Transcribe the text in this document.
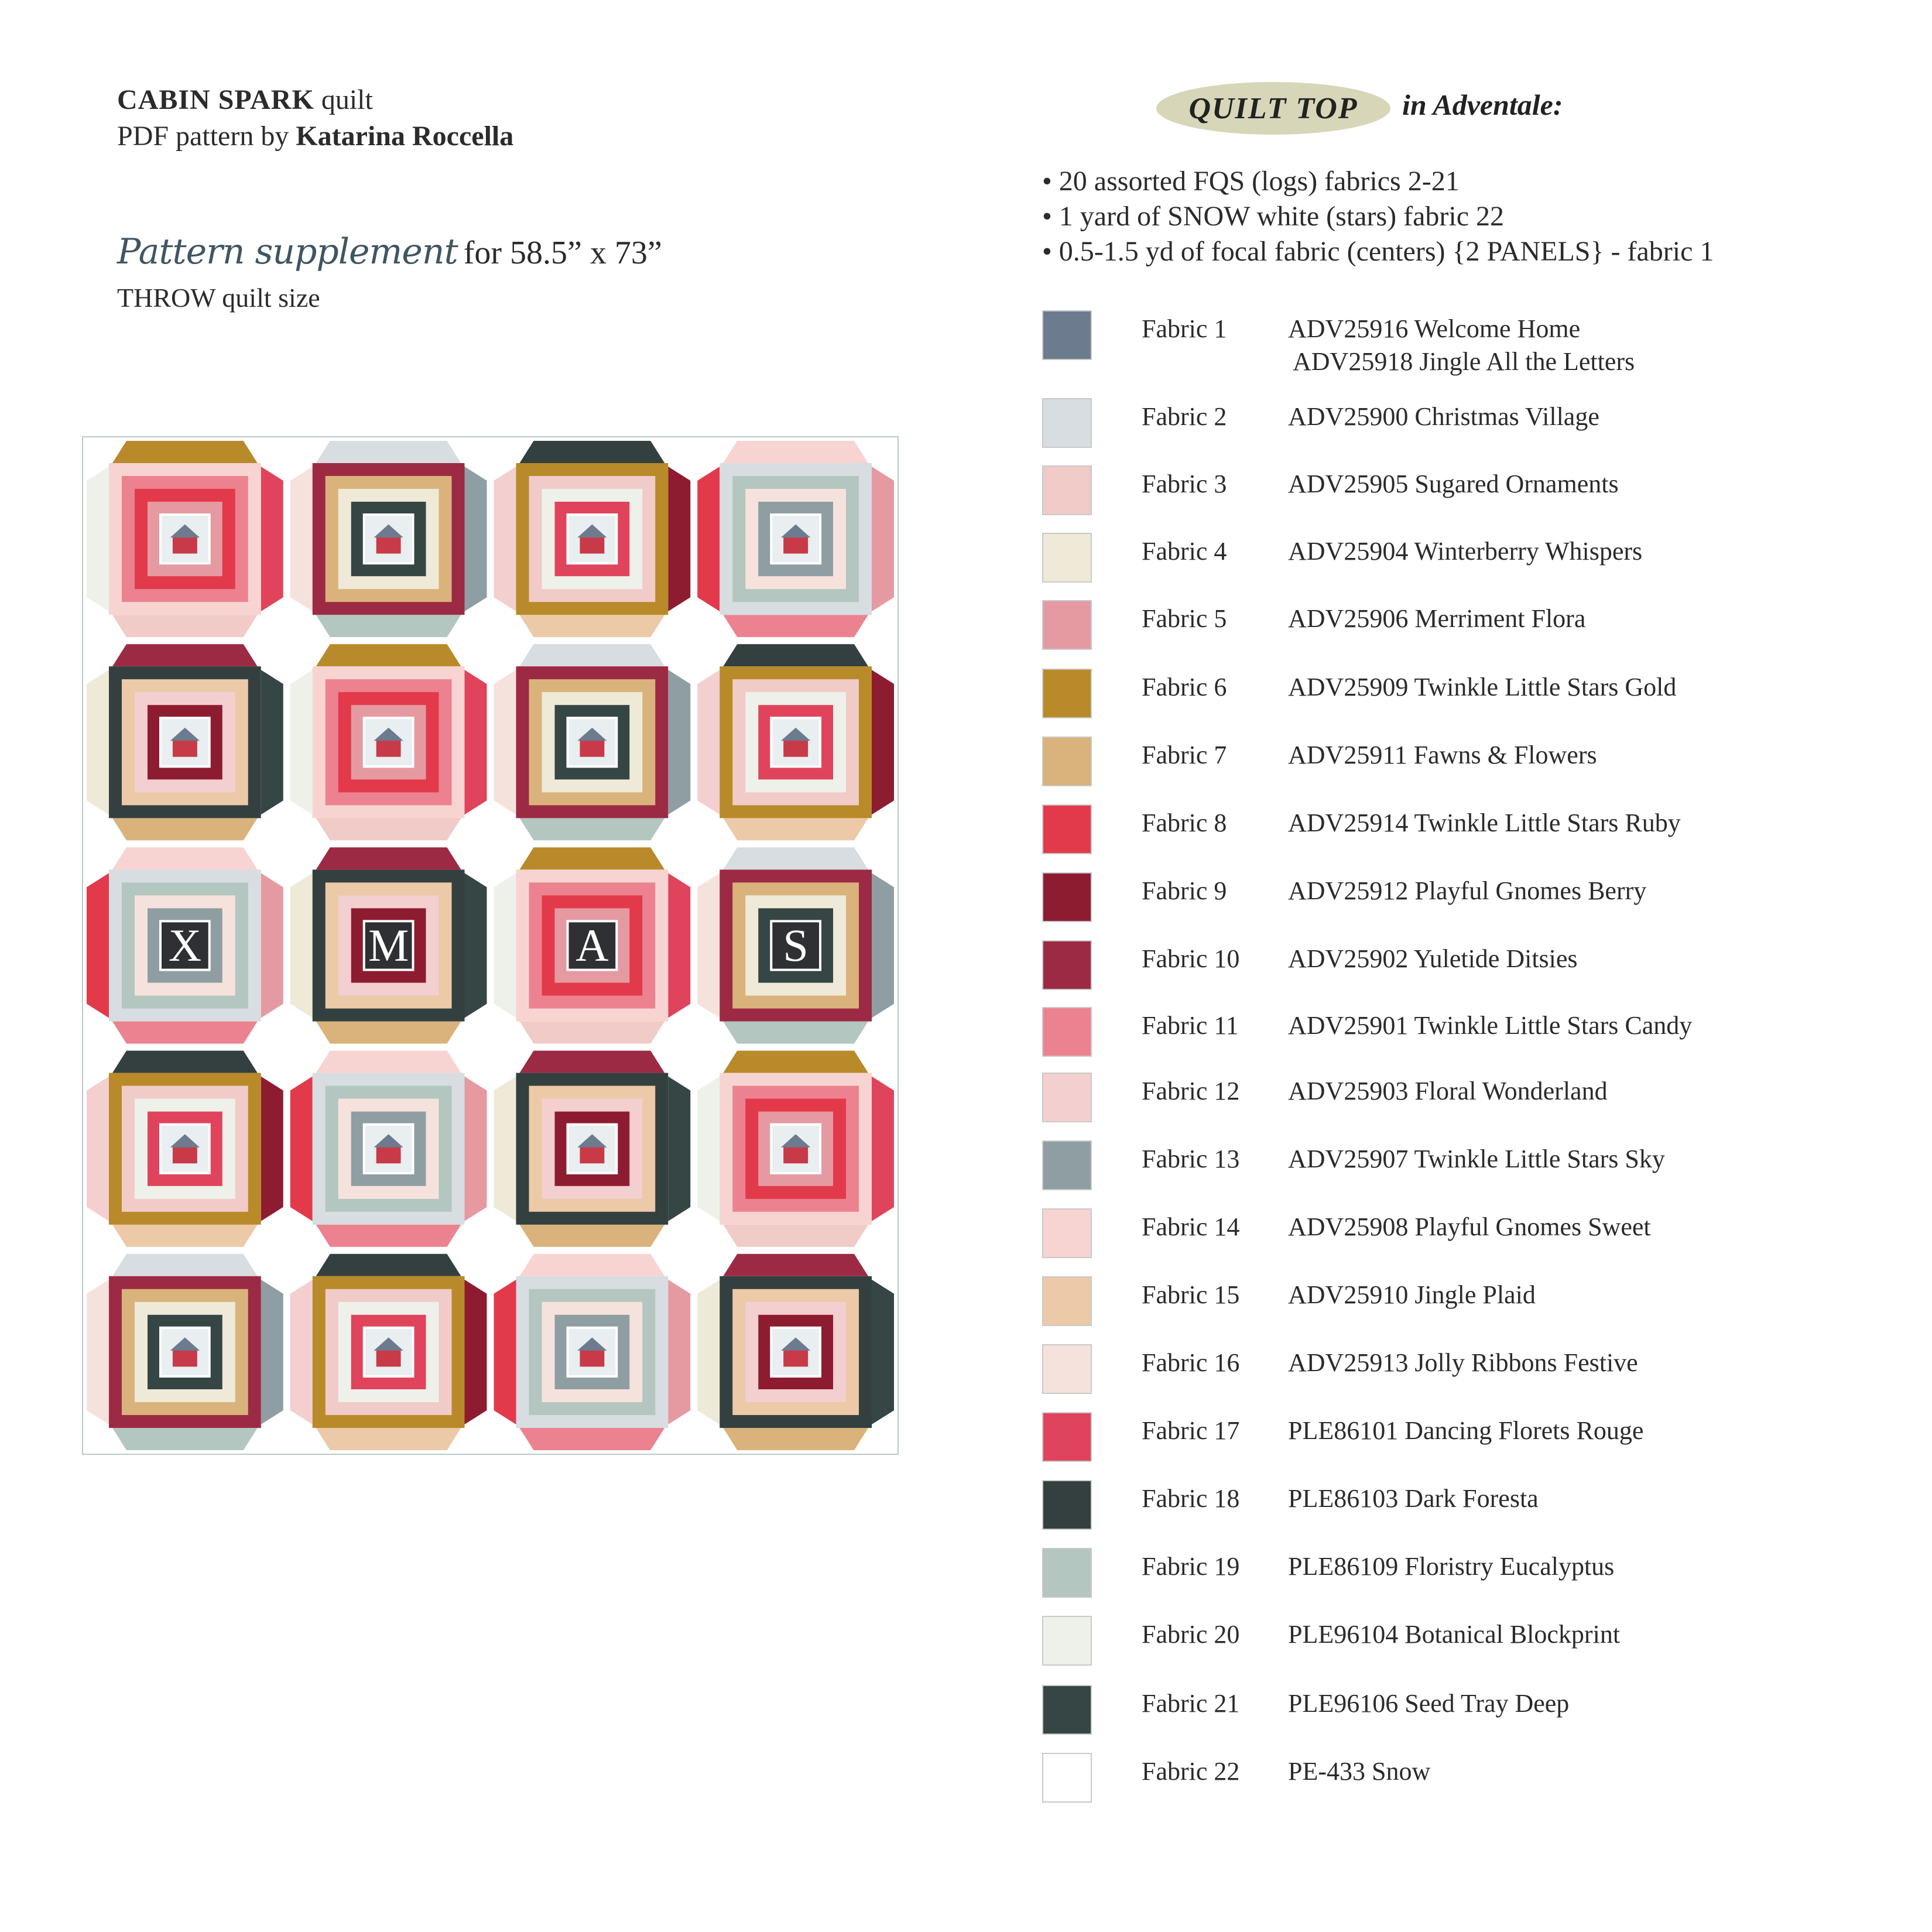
CABIN SPARK quilt
PDF pattern by Katarina Roccella
Pattern supplement for 58.5” x 73”
THROW quilt size
X	M	A	S
QUILT TOP	in Adventale:
• 20 assorted FQS (logs) fabrics 2-21
• 1 yard of SNOW white (stars) fabric 22
• 0.5-1.5 yd of focal fabric (centers) {2 PANELS} - fabric 1
Fabric 1 ADV25916 Welcome Home
ADV25918 Jingle All the Letters
Fabric 2 ADV25900 Christmas Village
Fabric 3 ADV25905 Sugared Ornaments
Fabric 4 ADV25904 Winterberry Whispers
Fabric 5 ADV25906 Merriment Flora
Fabric 6 ADV25909 Twinkle Little Stars Gold
Fabric 7 ADV25911 Fawns & Flowers
Fabric 8 ADV25914 Twinkle Little Stars Ruby
Fabric 9 ADV25912 Playful Gnomes Berry
Fabric 10 ADV25902 Yuletide Ditsies
Fabric 11 ADV25901 Twinkle Little Stars Candy
Fabric 12 ADV25903 Floral Wonderland
Fabric 13 ADV25907 Twinkle Little Stars Sky
Fabric 14 ADV25908 Playful Gnomes Sweet
Fabric 15 ADV25910 Jingle Plaid
Fabric 16 ADV25913 Jolly Ribbons Festive
Fabric 17 PLE86101 Dancing Florets Rouge
Fabric 18 PLE86103 Dark Foresta
Fabric 19 PLE86109 Floristry Eucalyptus
Fabric 20 PLE96104 Botanical Blockprint
Fabric 21 PLE96106 Seed Tray Deep
Fabric 22 PE-433 Snow
